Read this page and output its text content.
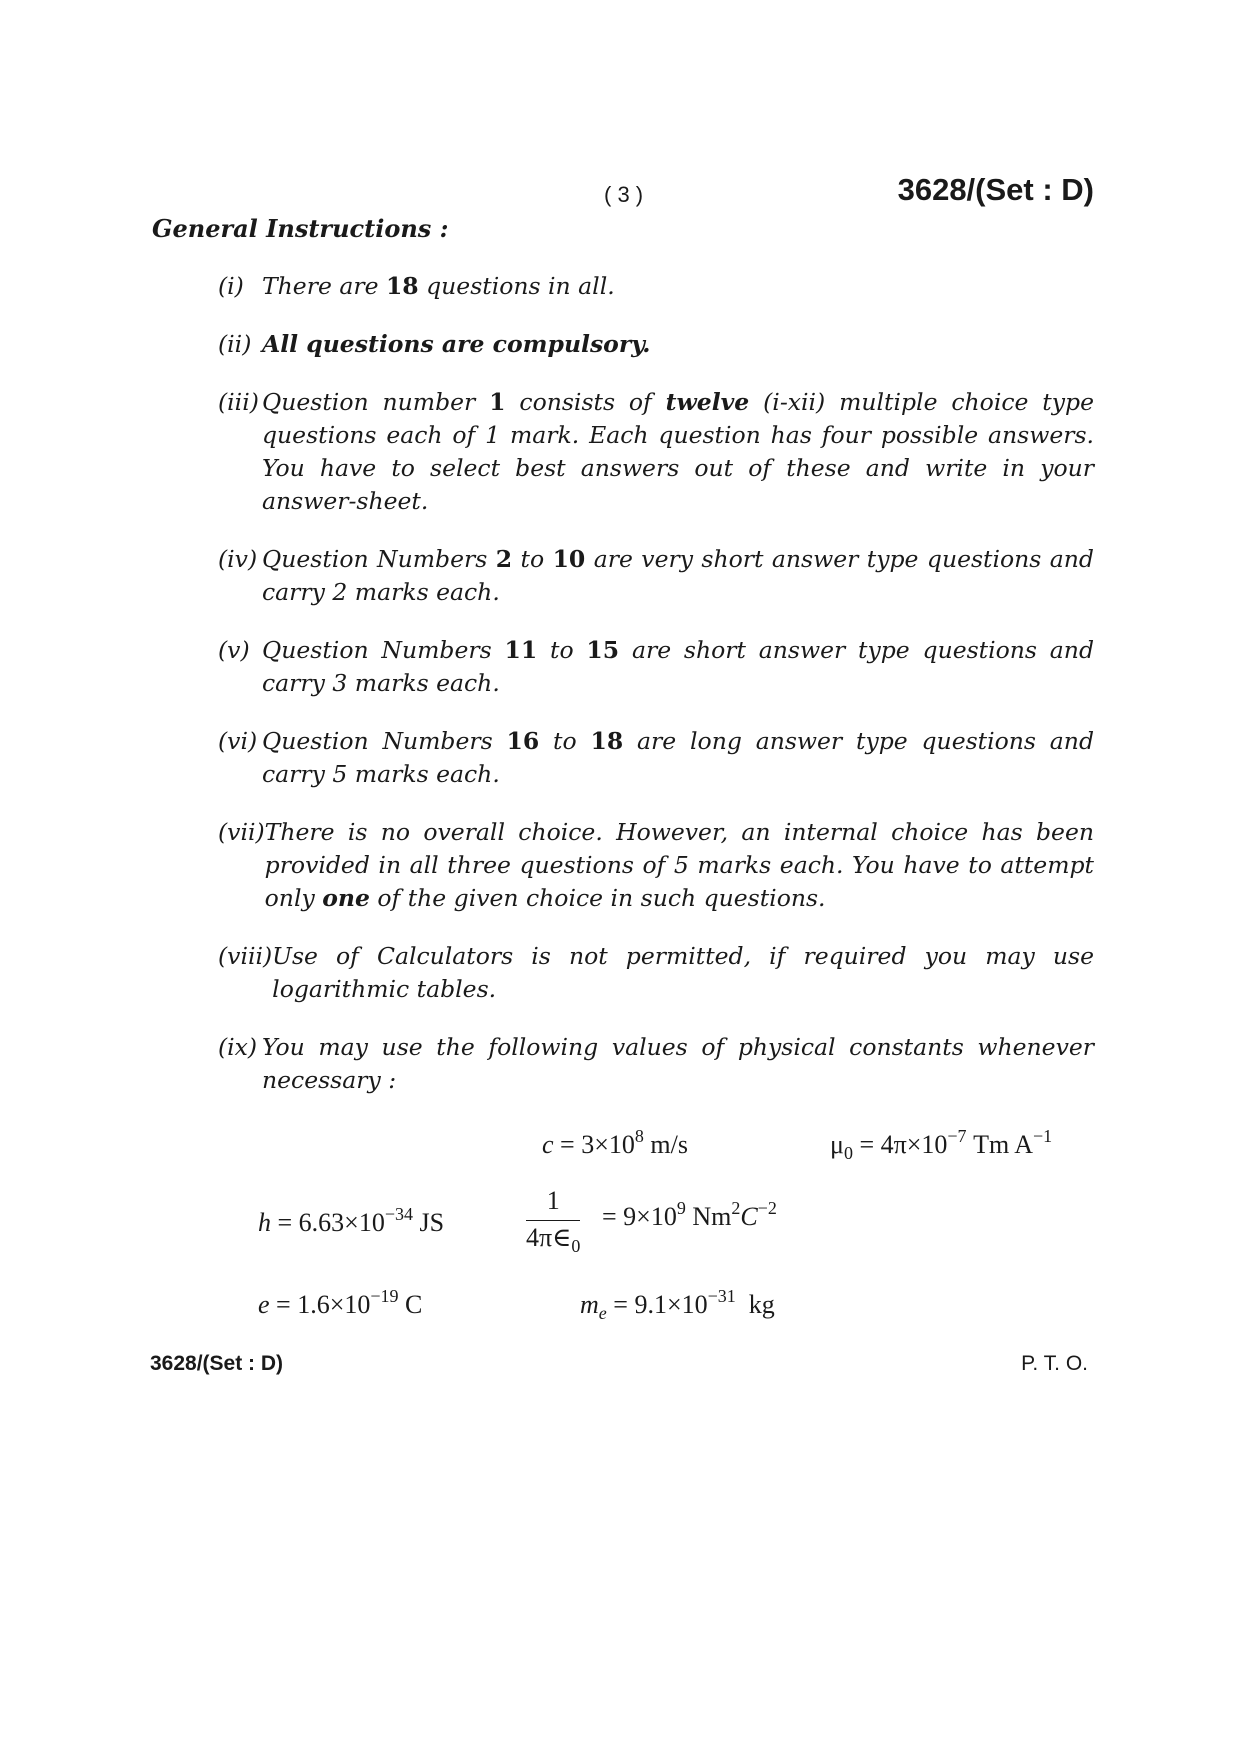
( 3 )	3628/(Set : D)
General Instructions :
(i) There are 18 questions in all.
(ii) All questions are compulsory.
(iii) Question number 1 consists of twelve (i-xii) multiple choice type questions each of 1 mark. Each question has four possible answers. You have to select best answers out of these and write in your answer-sheet.
(iv) Question Numbers 2 to 10 are very short answer type questions and carry 2 marks each.
(v) Question Numbers 11 to 15 are short answer type questions and carry 3 marks each.
(vi) Question Numbers 16 to 18 are long answer type questions and carry 5 marks each.
(vii) There is no overall choice. However, an internal choice has been provided in all three questions of 5 marks each. You have to attempt only one of the given choice in such questions.
(viii) Use of Calculators is not permitted, if required you may use logarithmic tables.
(ix) You may use the following values of physical constants whenever necessary :
$c = 3\times 10^8$ m/s	$\mu_0 = 4\pi\times 10^{-7}$ Tm $A^{-1}$
$h = 6.63\times 10^{-34}$ JS	$\frac{1}{4\pi\in_0} = 9\times 10^9$ $Nm^2C^{-2}$
$e = 1.6\times 10^{-19}$ C	$m_e = 9.1\times 10^{-31}$  kg
3628/(Set : D)	P. T. O.
